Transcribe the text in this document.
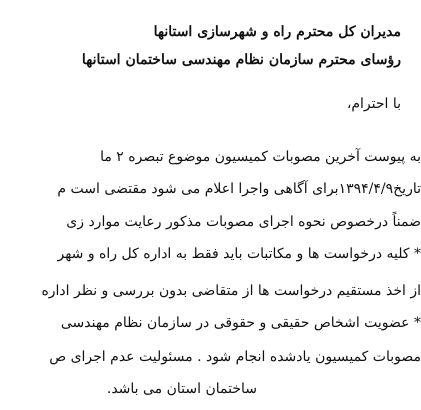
مدیران کل محترم راه و شهرسازی استانها
رؤسای محترم سازمان نظام مهندسی ساختمان استانها
با احترام،
به پیوست آخرین مصوبات کمیسیون موضوع تبصره ۲ ما
تاریخ۱۳۹۴/۴/۹برای آگاهی واجرا اعلام می شود مقتضی است م
ضمناً درخصوص نحوه اجرای مصوبات مذکور رعایت موارد زی
* کلیه درخواست ها و مکاتبات باید فقط به اداره کل راه و شهر
از اخذ مستقیم درخواست ها از متقاضی بدون بررسی و نظر اداره
* عضویت اشخاص حقیقی و حقوقی در سازمان نظام مهندسی
مصوبات کمیسیون یادشده انجام شود . مسئولیت عدم اجرای ص
ساختمان استان می باشد.
